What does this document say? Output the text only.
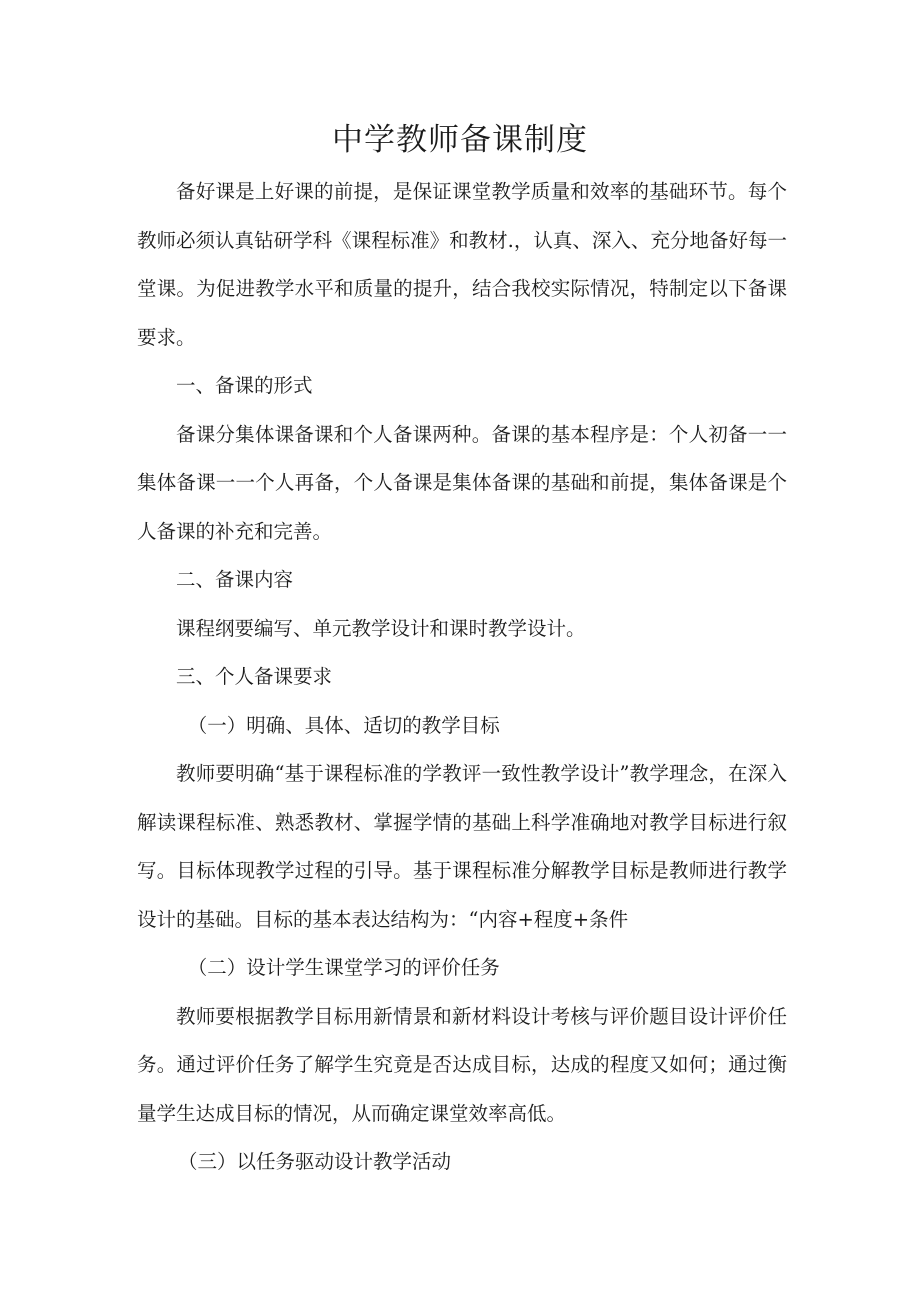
中学教师备课制度

备好课是上好课的前提，是保证课堂教学质量和效率的基础环节。每个教师必须认真钻研学科《课程标准》和教材.，认真、深入、充分地备好每一堂课。为促进教学水平和质量的提升，结合我校实际情况，特制定以下备课要求。

一、备课的形式

备课分集体课备课和个人备课两种。备课的基本程序是：个人初备一一集体备课一一个人再备，个人备课是集体备课的基础和前提，集体备课是个人备课的补充和完善。

二、备课内容

课程纲要编写、单元教学设计和课时教学设计。

三、个人备课要求

（一）明确、具体、适切的教学目标

教师要明确“基于课程标准的学教评一致性教学设计”教学理念，在深入解读课程标准、熟悉教材、掌握学情的基础上科学准确地对教学目标进行叙写。目标体现教学过程的引导。基于课程标准分解教学目标是教师进行教学设计的基础。目标的基本表达结构为：“内容+程度+条件

（二）设计学生课堂学习的评价任务

教师要根据教学目标用新情景和新材料设计考核与评价题目设计评价任务。通过评价任务了解学生究竟是否达成目标，达成的程度又如何；通过衡量学生达成目标的情况，从而确定课堂效率高低。

（三）以任务驱动设计教学活动
